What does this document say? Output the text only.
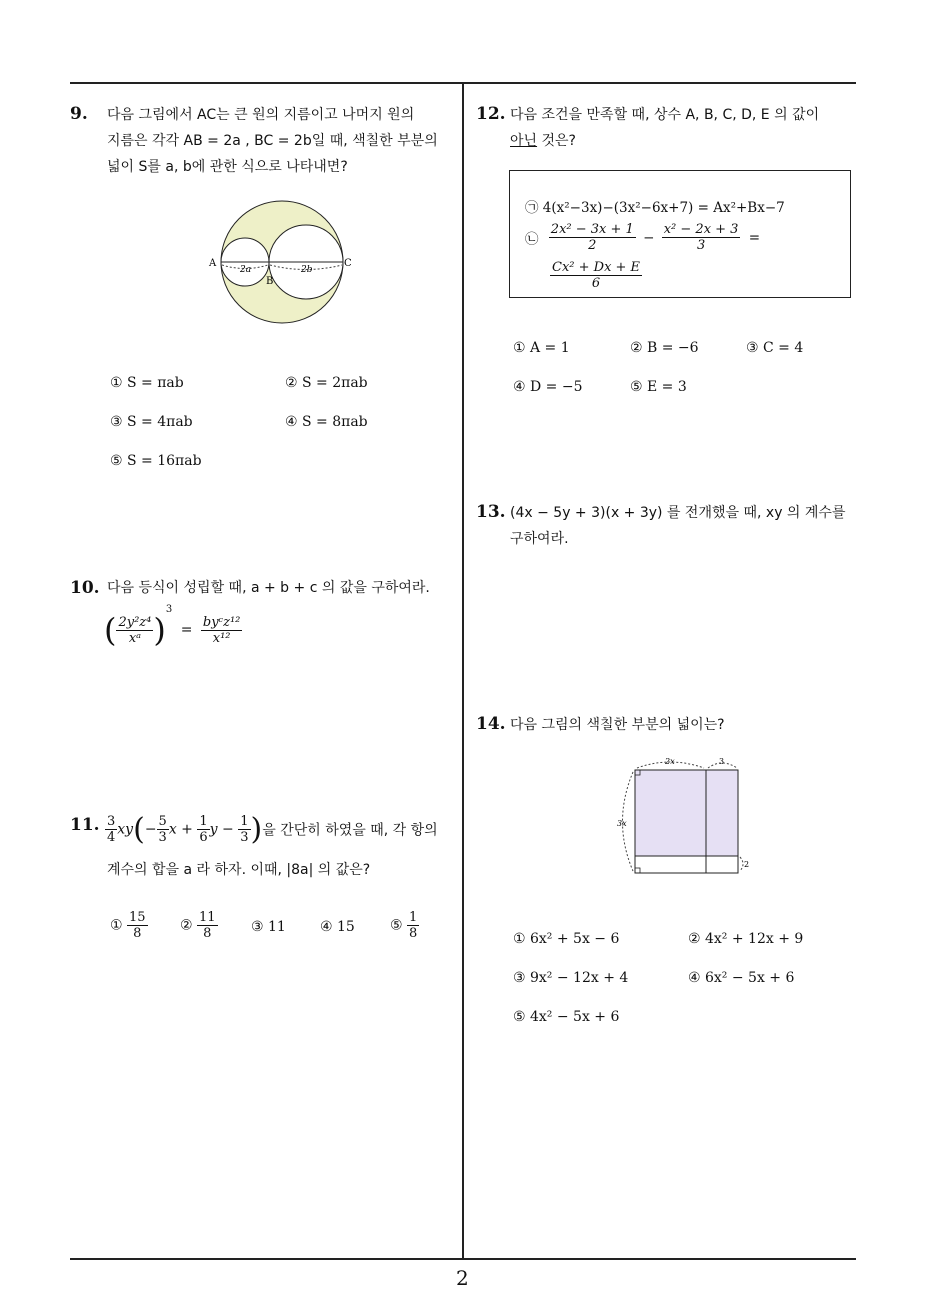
2
9. 다음 그림에서 AC는 큰 원의 지름이고 나머지 원의
지름은 각각 AB = 2a , BC = 2b일 때, 색칠한 부분의
넓이 S를 a, b에 관한 식으로 나타내면?
A
B
C
2a	2b
① S = πab	② S = 2πab
③ S = 4πab	④ S = 8πab
⑤ S = 16πab
10. 다음 등식이 성립할 때, a + b + c 의 값을 구하여라.
( $\frac{\text{2y²z⁴}}{\text{xᵃ}} )^3 = \frac{\text{byᶜz¹²}}{\text{x¹²}}$
11. $\frac{3}{4} xy(- \frac{5}{3}$ $x + \frac{1}{6}$ $y - \frac{1}{3}$ )을 간단히 하였을 때, 각 항의
계수의 합을 a 라 하자. 이때, |8a| 의 값은?
① $\frac{15}{8}$ ② $\frac{11}{8}$ ③ 11 ④ 15	⑤ $\frac{1}{8}$
12. 다음 조건을 만족할 때, 상수 A, B, C, D, E 의 값이
아닌 것은?
㉠ 4(x²−3x)−(3x²−6x+7) = Ax²+Bx−7
㉡ $\frac{\text{2x² − 3x + 1}}{2} - \frac{\text{x² − 2x + 3}}{3}$ =
$\frac{\text{Cx² + Dx + E}}{6}$
① A = 1	② B = −6	③ C = 4
④ D = −5	⑤ E = 3
13. (4x − 5y + 3)(x + 3y) 를 전개했을 때, xy 의 계수를
구하여라.
14. 다음 그림의 색칠한 부분의 넓이는?
2x	3
3x
2
① 6x² + 5x − 6	② 4x² + 12x + 9
③ 9x² − 12x + 4	④ 6x² − 5x + 6
⑤ 4x² − 5x + 6
